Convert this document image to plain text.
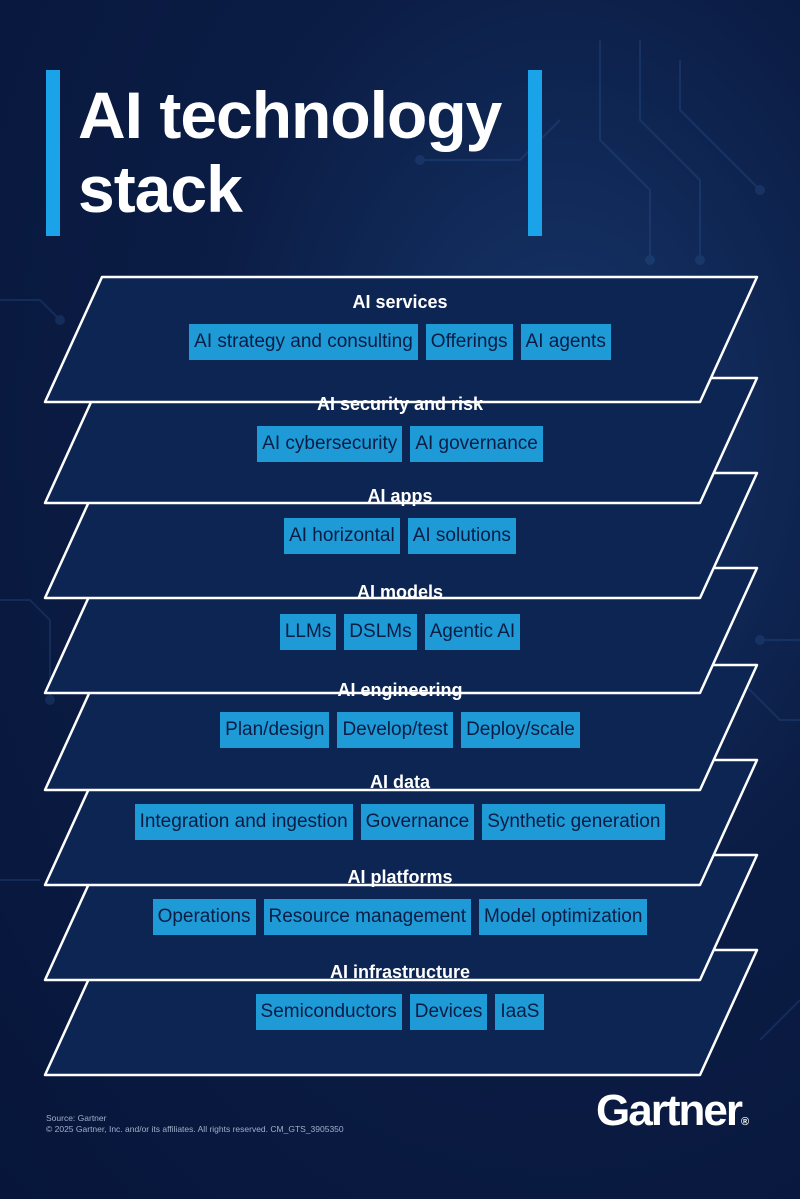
AI technology
stack
AI services
AI strategy and consulting Offerings AI agents
AI security and risk
AI cybersecurity AI governance
AI apps
AI horizontal AI solutions
AI models
LLMs DSLMs Agentic AI
AI engineering
Plan/design Develop/test Deploy/scale
AI data
Integration and ingestion Governance Synthetic generation
AI platforms
Operations Resource management Model optimization
AI infrastructure
Semiconductors Devices IaaS
Source: Gartner
© 2025 Gartner, Inc. and/or its affiliates. All rights reserved. CM_GTS_3905350	Gartner®
